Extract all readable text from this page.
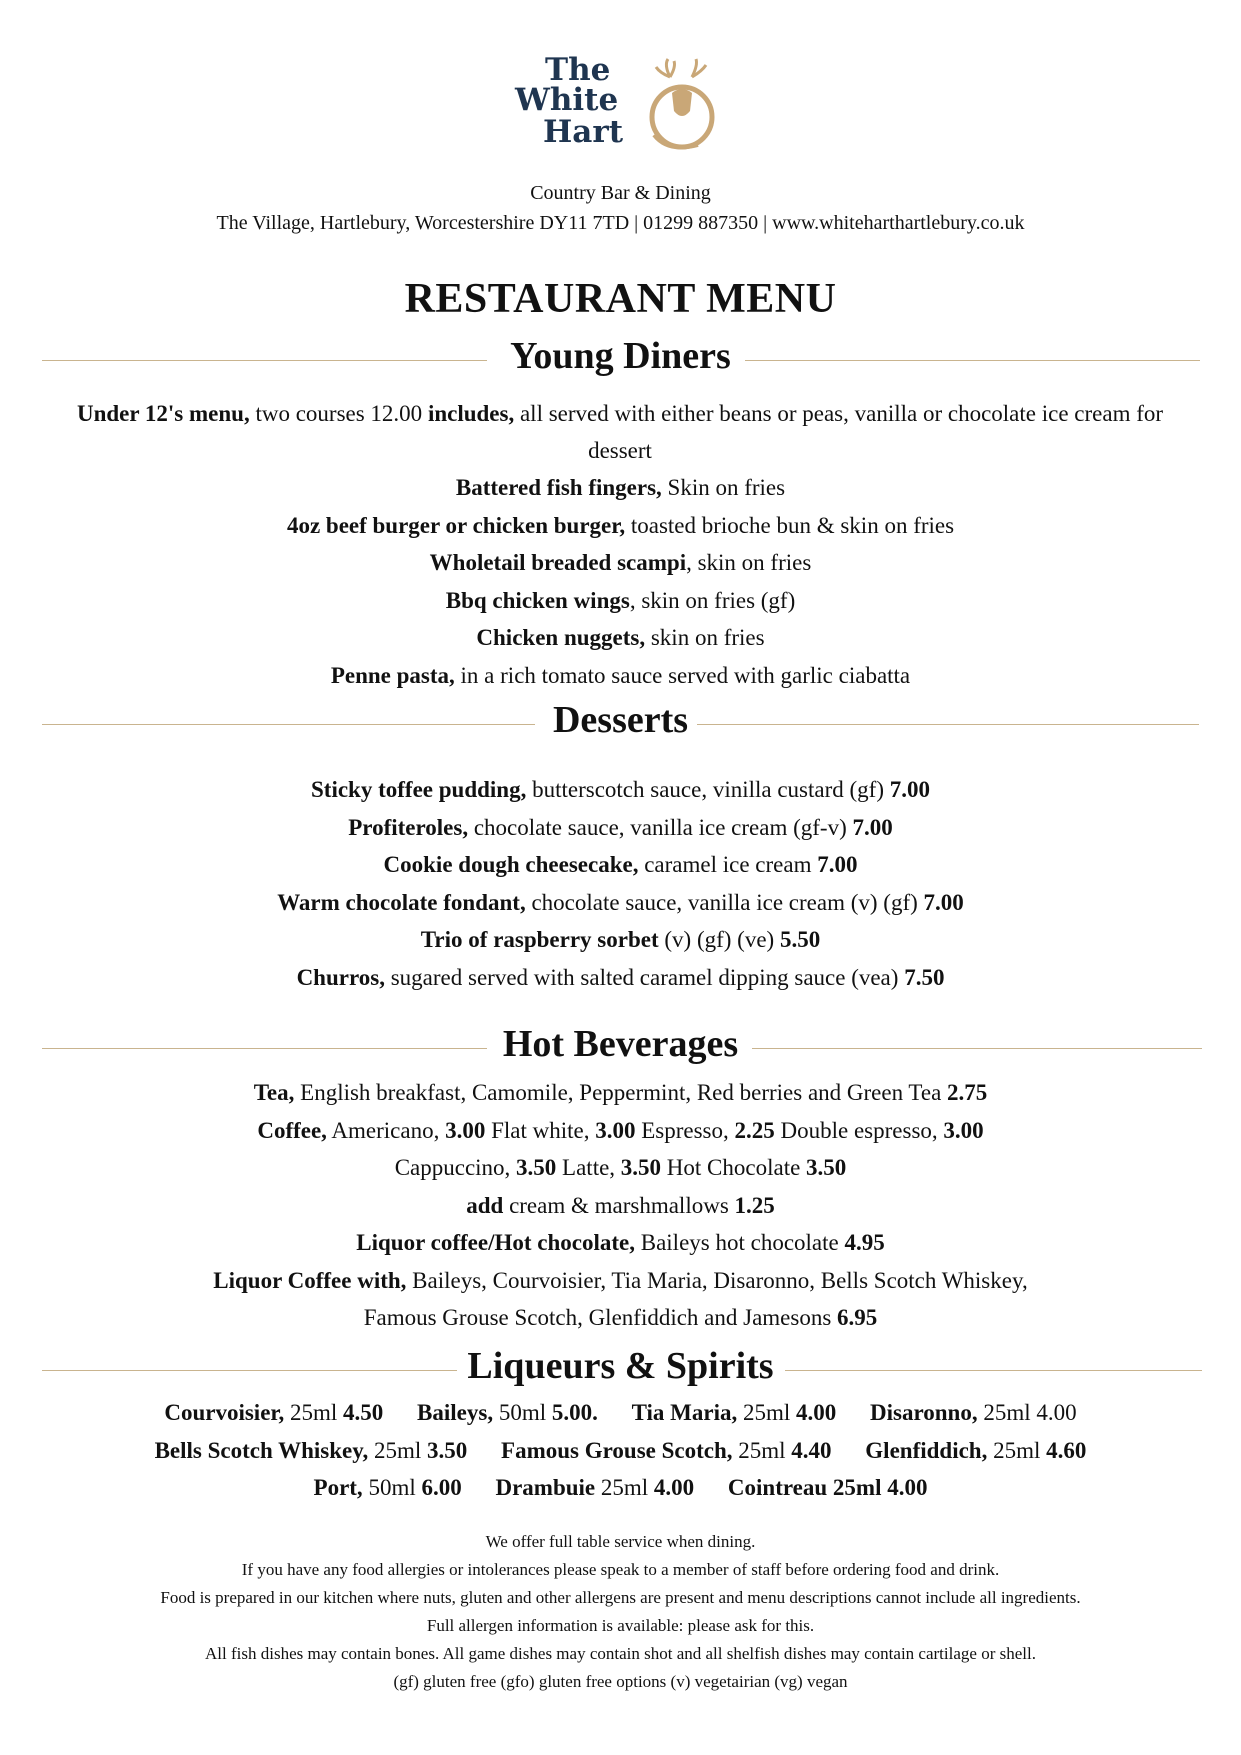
The
White
Hart
Country Bar & Dining
The Village, Hartlebury, Worcestershire DY11 7TD | 01299 887350 | www.whiteharthartlebury.co.uk
RESTAURANT MENU
Young Diners
Under 12's menu, two courses 12.00 includes, all served with either beans or peas, vanilla or chocolate ice cream for dessert
Battered fish fingers, Skin on fries
4oz beef burger or chicken burger, toasted brioche bun & skin on fries
Wholetail breaded scampi, skin on fries
Bbq chicken wings, skin on fries (gf)
Chicken nuggets, skin on fries
Penne pasta, in a rich tomato sauce served with garlic ciabatta
Desserts
Sticky toffee pudding, butterscotch sauce, vinilla custard (gf) 7.00
Profiteroles, chocolate sauce, vanilla ice cream (gf-v) 7.00
Cookie dough cheesecake, caramel ice cream 7.00
Warm chocolate fondant, chocolate sauce, vanilla ice cream (v) (gf) 7.00
Trio of raspberry sorbet (v) (gf) (ve) 5.50
Churros, sugared served with salted caramel dipping sauce (vea) 7.50
Hot Beverages
Tea, English breakfast, Camomile, Peppermint, Red berries and Green Tea 2.75
Coffee, Americano, 3.00 Flat white, 3.00 Espresso, 2.25 Double espresso, 3.00
Cappuccino, 3.50 Latte, 3.50 Hot Chocolate 3.50
add cream & marshmallows 1.25
Liquor coffee/Hot chocolate, Baileys hot chocolate 4.95
Liquor Coffee with, Baileys, Courvoisier, Tia Maria, Disaronno, Bells Scotch Whiskey,
Famous Grouse Scotch, Glenfiddich and Jamesons 6.95
Liqueurs & Spirits
Courvoisier, 25ml 4.50 Baileys, 50ml 5.00. Tia Maria, 25ml 4.00 Disaronno, 25ml 4.00
Bells Scotch Whiskey, 25ml 3.50 Famous Grouse Scotch, 25ml 4.40 Glenfiddich, 25ml 4.60
Port, 50ml 6.00 Drambuie 25ml 4.00 Cointreau 25ml 4.00
We offer full table service when dining.
If you have any food allergies or intolerances please speak to a member of staff before ordering food and drink.
Food is prepared in our kitchen where nuts, gluten and other allergens are present and menu descriptions cannot include all ingredients.
Full allergen information is available: please ask for this.
All fish dishes may contain bones. All game dishes may contain shot and all shelfish dishes may contain cartilage or shell.
(gf) gluten free (gfo) gluten free options (v) vegetairian (vg) vegan
